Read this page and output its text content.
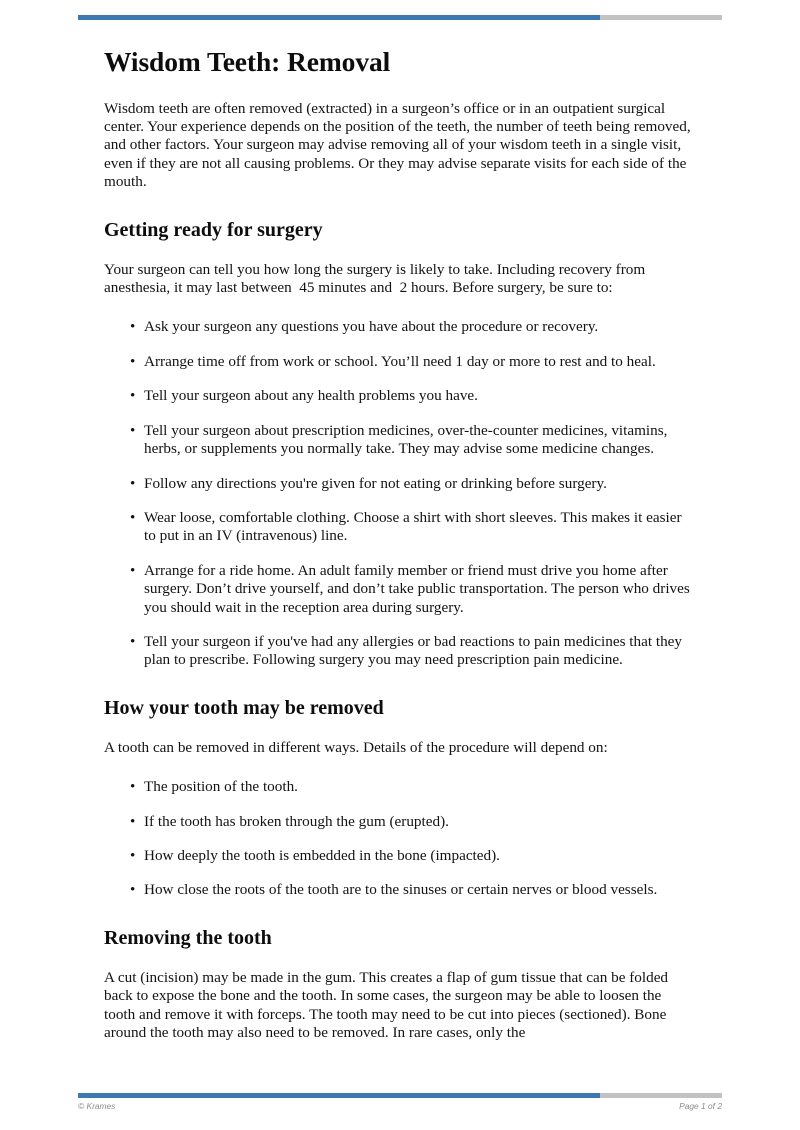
Wisdom Teeth: Removal

Wisdom teeth are often removed (extracted) in a surgeon’s office or in an outpatient surgical center. Your experience depends on the position of the teeth, the number of teeth being removed, and other factors. Your surgeon may advise removing all of your wisdom teeth in a single visit, even if they are not all causing problems. Or they may advise separate visits for each side of the mouth.

Getting ready for surgery

Your surgeon can tell you how long the surgery is likely to take. Including recovery from anesthesia, it may last between  45 minutes and  2 hours. Before surgery, be sure to:

• Ask your surgeon any questions you have about the procedure or recovery.
• Arrange time off from work or school. You’ll need 1 day or more to rest and to heal.
• Tell your surgeon about any health problems you have.
• Tell your surgeon about prescription medicines, over-the-counter medicines, vitamins, herbs, or supplements you normally take. They may advise some medicine changes.
• Follow any directions you're given for not eating or drinking before surgery.
• Wear loose, comfortable clothing. Choose a shirt with short sleeves. This makes it easier to put in an IV (intravenous) line.
• Arrange for a ride home. An adult family member or friend must drive you home after surgery. Don’t drive yourself, and don’t take public transportation. The person who drives you should wait in the reception area during surgery.
• Tell your surgeon if you've had any allergies or bad reactions to pain medicines that they plan to prescribe. Following surgery you may need prescription pain medicine.
How your tooth may be removed

A tooth can be removed in different ways. Details of the procedure will depend on:

• The position of the tooth.
• If the tooth has broken through the gum (erupted).
• How deeply the tooth is embedded in the bone (impacted).
• How close the roots of the tooth are to the sinuses or certain nerves or blood vessels.
Removing the tooth

A cut (incision) may be made in the gum. This creates a flap of gum tissue that can be folded back to expose the bone and the tooth. In some cases, the surgeon may be able to loosen the tooth and remove it with forceps. The tooth may need to be cut into pieces (sectioned). Bone around the tooth may also need to be removed. In rare cases, only the

© Krames	Page 1 of 2
